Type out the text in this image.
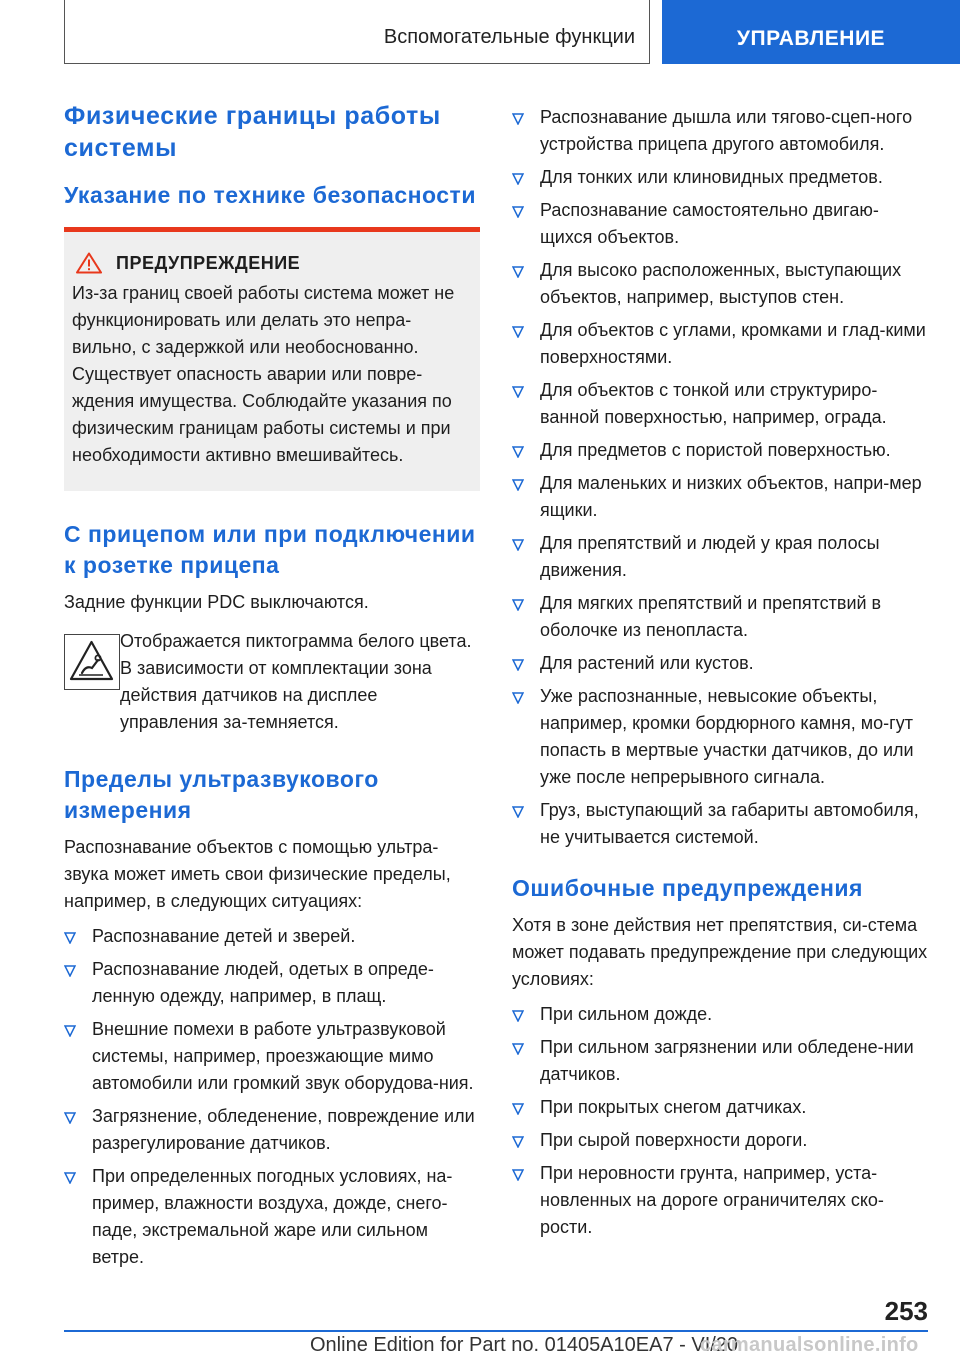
Вспомогательные функции	УПРАВЛЕНИЕ
Физические границы работы системы
Указание по технике безопасности
ПРЕДУПРЕЖДЕНИЕ

Из-за границ своей работы система может не функционировать или делать это непра-вильно, с задержкой или необоснованно. Существует опасность аварии или повре-ждения имущества. Соблюдайте указания по физическим границам работы системы и при необходимости активно вмешивайтесь.

С прицепом или при подключении к розетке прицепа

Задние функции PDC выключаются.

Отображается пиктограмма белого цвета.

В зависимости от комплектации зона действия датчиков на дисплее управления за-темняется.

Пределы ультразвукового измерения

Распознавание объектов с помощью ультра-звука может иметь свои физические пределы, например, в следующих ситуациях:

Распознавание детей и зверей.
Распознавание людей, одетых в опреде-ленную одежду, например, в плащ.
Внешние помехи в работе ультразвуковой системы, например, проезжающие мимо автомобили или громкий звук оборудова-ния.
Загрязнение, обледенение, повреждение или разрегулирование датчиков.
При определенных погодных условиях, на-пример, влажности воздуха, дожде, снего-паде, экстремальной жаре или сильном ветре.
Распознавание дышла или тягово-сцеп-ного устройства прицепа другого автомобиля.
Для тонких или клиновидных предметов.
Распознавание самостоятельно двигаю-щихся объектов.
Для высоко расположенных, выступающих объектов, например, выступов стен.
Для объектов с углами, кромками и глад-кими поверхностями.
Для объектов с тонкой или структуриро-ванной поверхностью, например, ограда.
Для предметов с пористой поверхностью.
Для маленьких и низких объектов, напри-мер ящики.
Для препятствий и людей у края полосы движения.
Для мягких препятствий и препятствий в оболочке из пенопласта.
Для растений или кустов.
Уже распознанные, невысокие объекты, например, кромки бордюрного камня, мо-гут попасть в мертвые участки датчиков, до или уже после непрерывного сигнала.
Груз, выступающий за габариты автомобиля, не учитывается системой.
Ошибочные предупреждения

Хотя в зоне действия нет препятствия, си-стема может подавать предупреждение при следующих условиях:

При сильном дожде.
При сильном загрязнении или обледене-нии датчиков.
При покрытых снегом датчиках.
При сырой поверхности дороги.
При неровности грунта, например, уста-новленных на дороге ограничителях ско-рости.
253
Online Edition for Part no. 01405A10EA7 - VI/20
carmanualsonline.info
